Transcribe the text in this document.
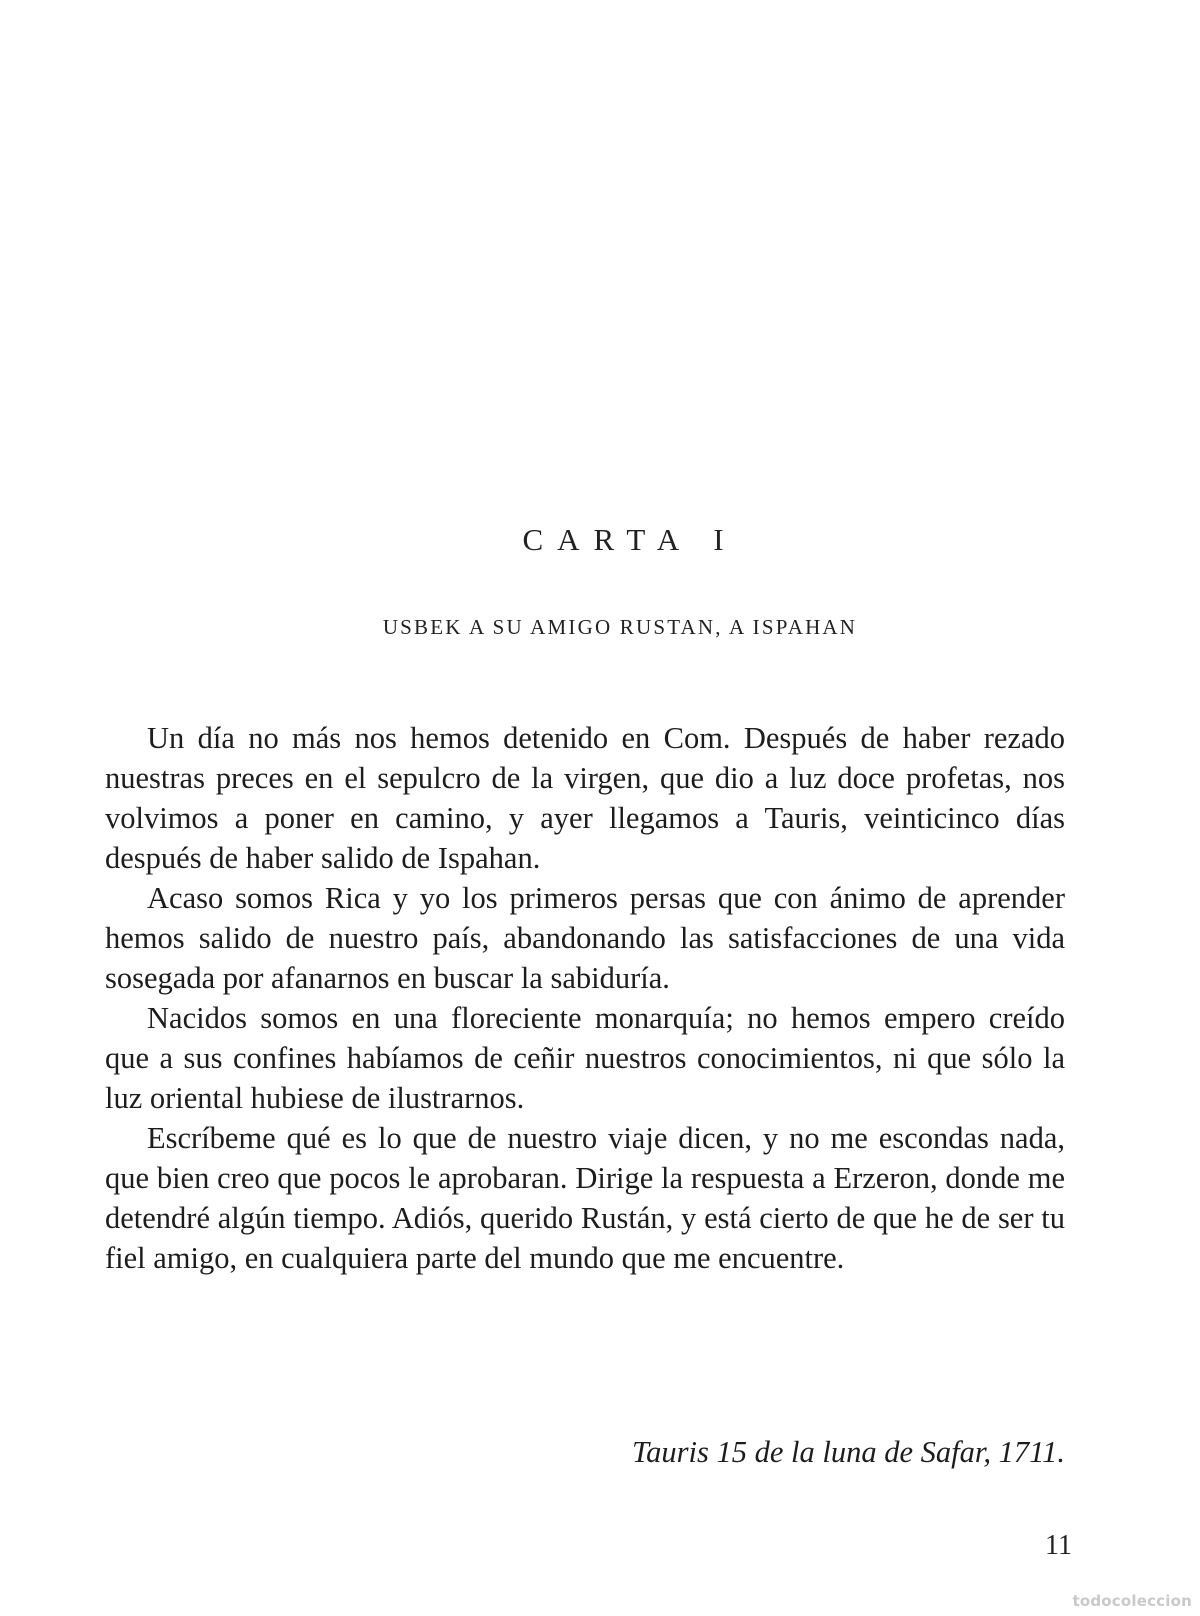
CARTA I
USBEK A SU AMIGO RUSTAN, A ISPAHAN

Un día no más nos hemos detenido en Com. Después de haber rezado nuestras preces en el sepulcro de la virgen, que dio a luz doce profetas, nos volvimos a poner en camino, y ayer llegamos a Tauris, veinticinco días después de haber salido de Ispahan.

Acaso somos Rica y yo los primeros persas que con ánimo de aprender hemos salido de nuestro país, abandonando las satisfacciones de una vida sosegada por afanarnos en buscar la sabiduría.

Nacidos somos en una floreciente monarquía; no hemos empero creído que a sus confines habíamos de ceñir nuestros conocimientos, ni que sólo la luz oriental hubiese de ilustrarnos.

Escríbeme qué es lo que de nuestro viaje dicen, y no me escondas nada, que bien creo que pocos le aprobaran. Dirige la respuesta a Erzeron, donde me detendré algún tiempo. Adiós, querido Rustán, y está cierto de que he de ser tu fiel amigo, en cualquiera parte del mundo que me encuentre.

Tauris 15 de la luna de Safar, 1711.
11
todocoleccion
